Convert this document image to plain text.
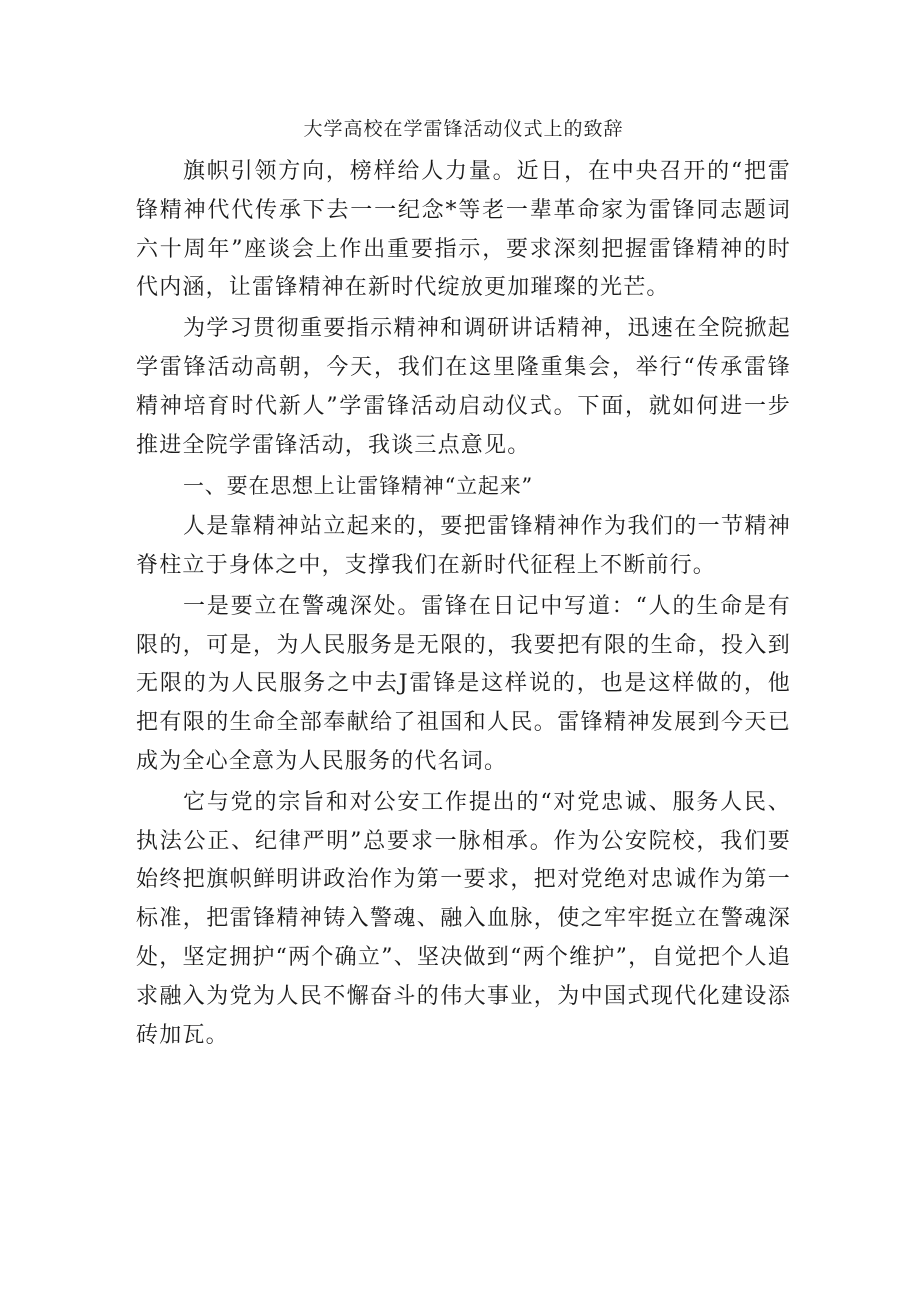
大学高校在学雷锋活动仪式上的致辞

旗帜引领方向，榜样给人力量。近日，在中央召开的“把雷锋精神代代传承下去一一纪念*等老一辈革命家为雷锋同志题词六十周年”座谈会上作出重要指示，要求深刻把握雷锋精神的时代内涵，让雷锋精神在新时代绽放更加璀璨的光芒。

为学习贯彻重要指示精神和调研讲话精神，迅速在全院掀起学雷锋活动高朝，今天，我们在这里隆重集会，举行“传承雷锋精神培育时代新人”学雷锋活动启动仪式。下面，就如何进一步推进全院学雷锋活动，我谈三点意见。

一、要在思想上让雷锋精神“立起来”

人是靠精神站立起来的，要把雷锋精神作为我们的一节精神脊柱立于身体之中，支撑我们在新时代征程上不断前行。

一是要立在警魂深处。雷锋在日记中写道：“人的生命是有限的，可是，为人民服务是无限的，我要把有限的生命，投入到无限的为人民服务之中去J雷锋是这样说的，也是这样做的，他把有限的生命全部奉献给了祖国和人民。雷锋精神发展到今天已成为全心全意为人民服务的代名词。

它与党的宗旨和对公安工作提出的“对党忠诚、服务人民、执法公正、纪律严明”总要求一脉相承。作为公安院校，我们要始终把旗帜鲜明讲政治作为第一要求，把对党绝对忠诚作为第一标准，把雷锋精神铸入警魂、融入血脉，使之牢牢挺立在警魂深处，坚定拥护“两个确立”、坚决做到“两个维护”，自觉把个人追求融入为党为人民不懈奋斗的伟大事业，为中国式现代化建设添砖加瓦。
